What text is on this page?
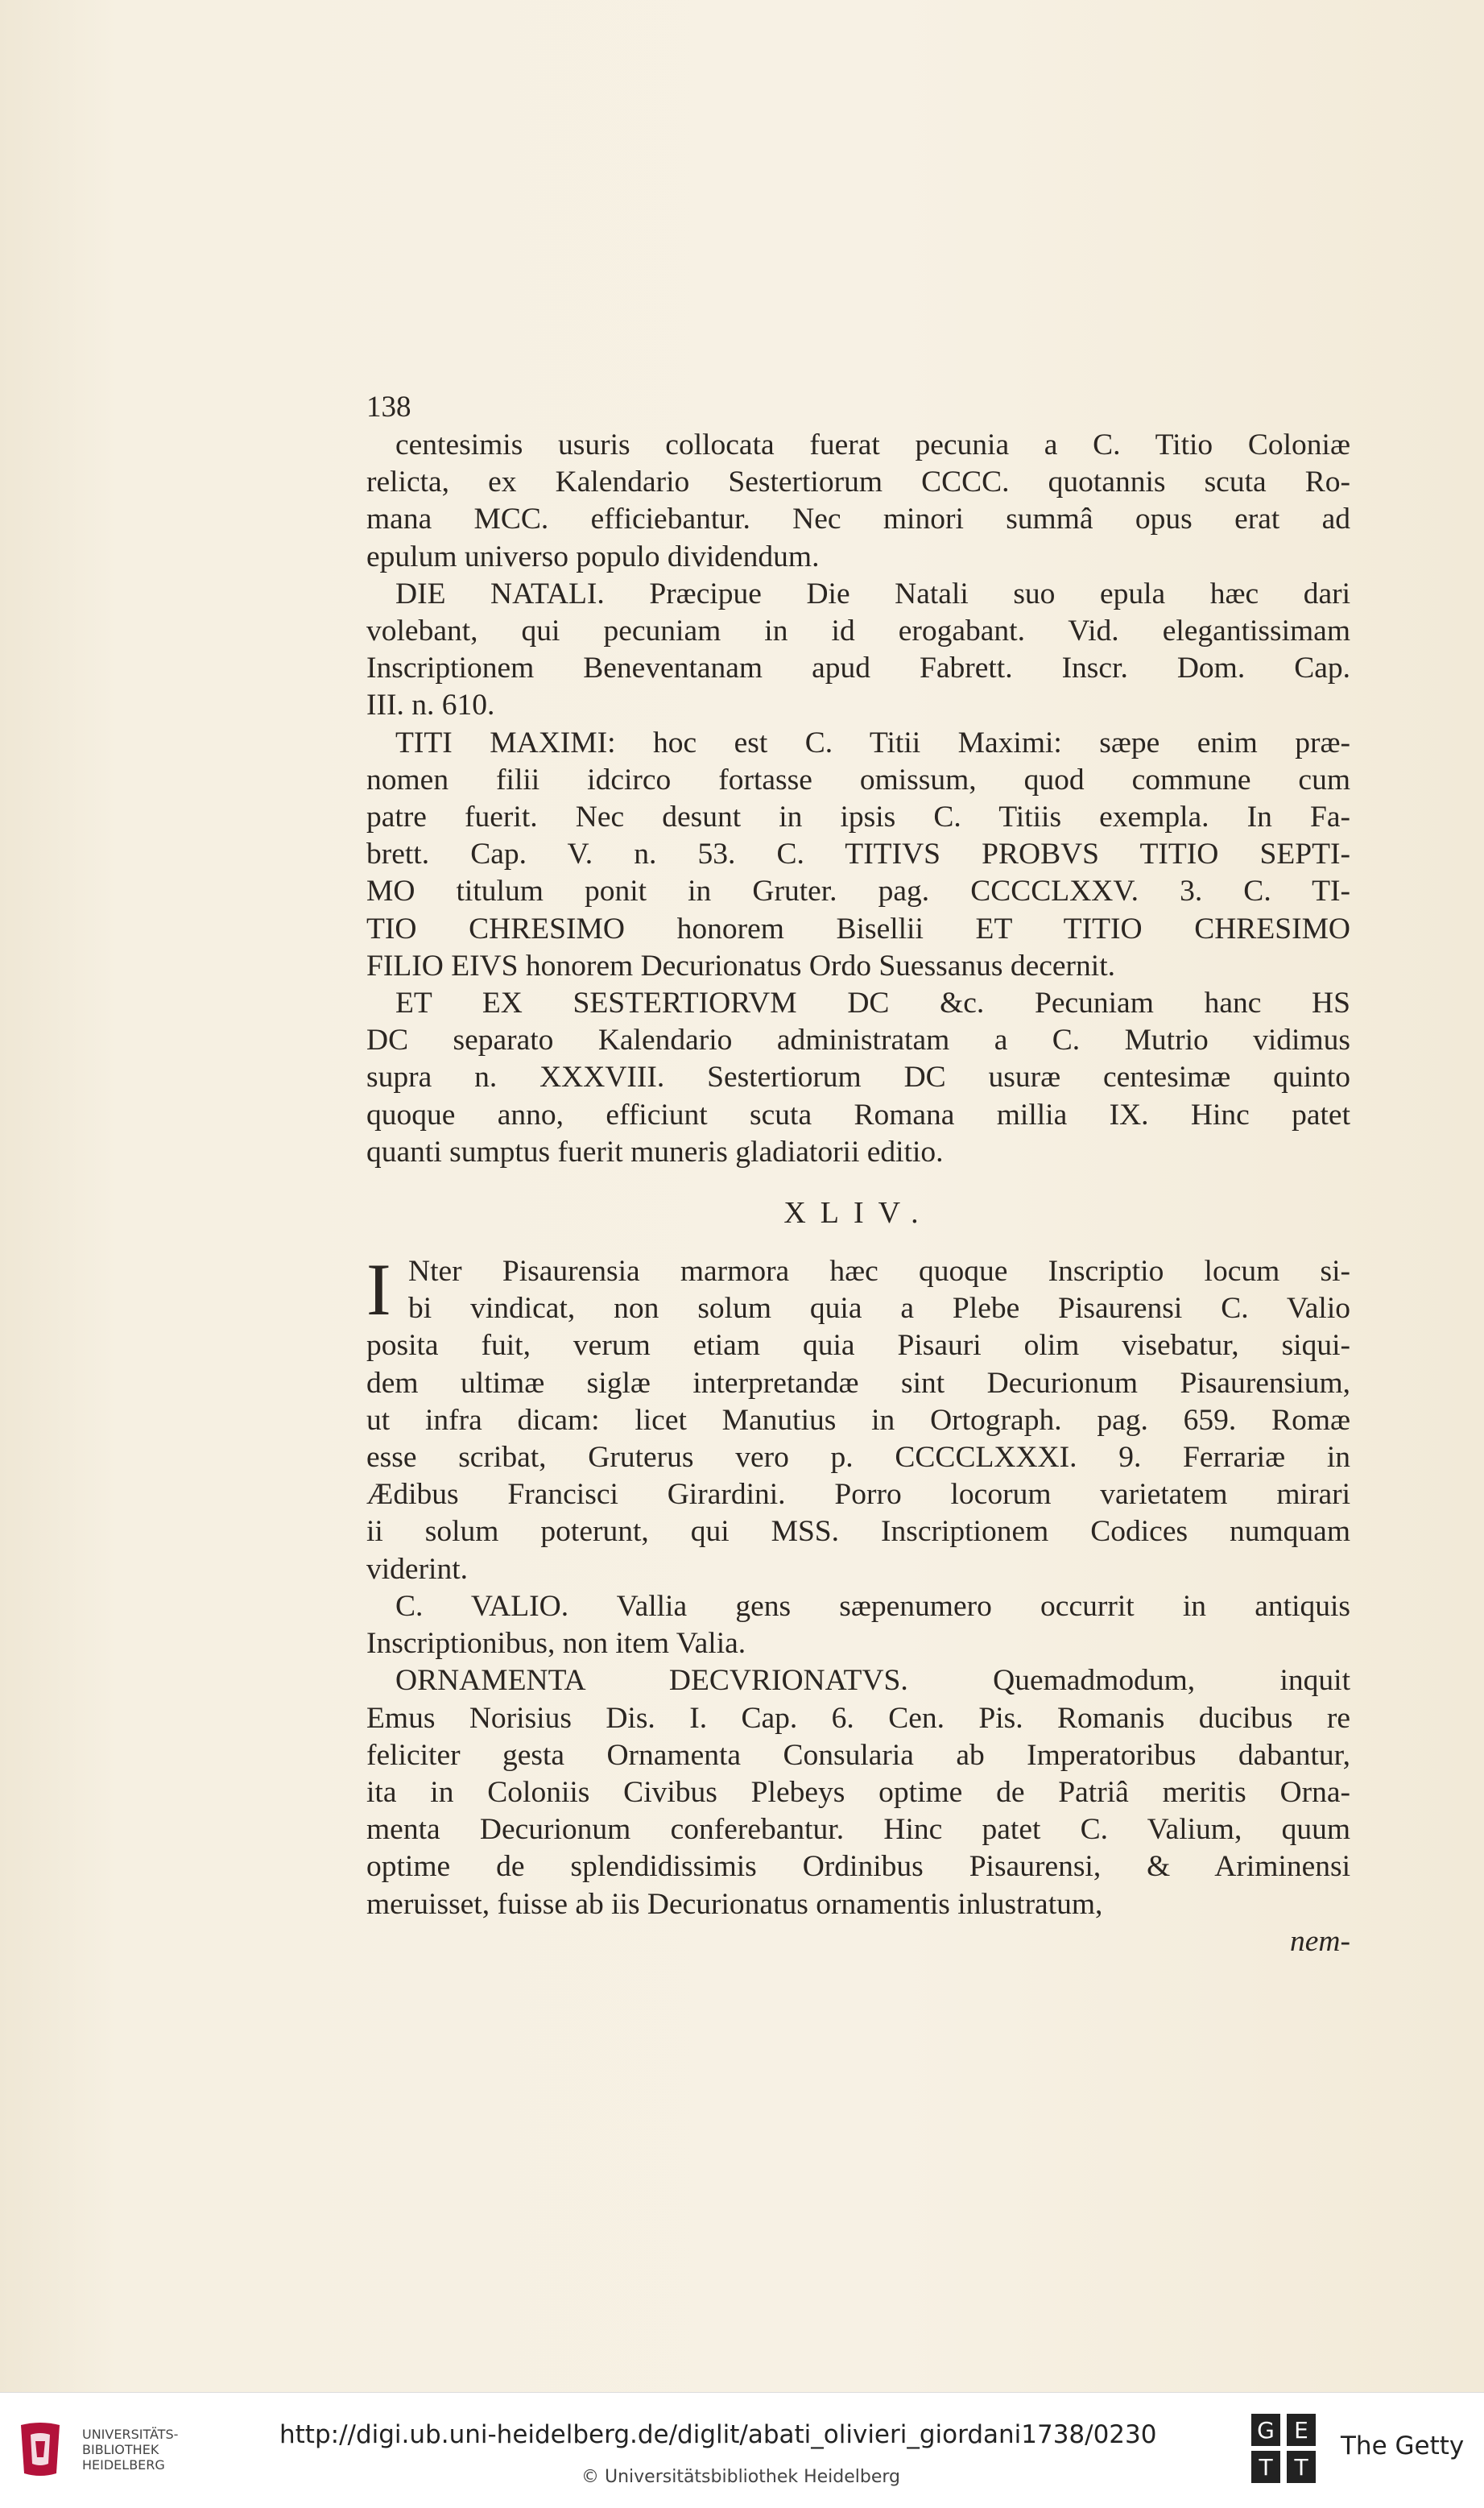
138
centesimis usuris collocata fuerat pecunia a C. Titio Coloniæ
relicta, ex Kalendario Sestertiorum CCCC. quotannis scuta Ro-
mana MCC. efficiebantur. Nec minori summâ opus erat ad
epulum universo populo dividendum.
DIE NATALI. Præcipue Die Natali suo epula hæc dari
volebant, qui pecuniam in id erogabant. Vid. elegantissimam
Inscriptionem Beneventanam apud Fabrett. Inscr. Dom. Cap.
III. n. 610.
TITI MAXIMI: hoc est C. Titii Maximi: sæpe enim præ-
nomen filii idcirco fortasse omissum, quod commune cum
patre fuerit. Nec desunt in ipsis C. Titiis exempla. In Fa-
brett. Cap. V. n. 53. C. TITIVS PROBVS TITIO SEPTI-
MO titulum ponit in Gruter. pag. CCCCLXXV. 3. C. TI-
TIO CHRESIMO honorem Bisellii ET TITIO CHRESIMO
FILIO EIVS honorem Decurionatus Ordo Suessanus decernit.
ET EX SESTERTIORVM DC &c. Pecuniam hanc HS
DC separato Kalendario administratam a C. Mutrio vidimus
supra n. XXXVIII. Sestertiorum DC usuræ centesimæ quinto
quoque anno, efficiunt scuta Romana millia IX. Hinc patet
quanti sumptus fuerit muneris gladiatorii editio.
XLIV.
I Nter Pisaurensia marmora hæc quoque Inscriptio locum si-
bi vindicat, non solum quia a Plebe Pisaurensi C. Valio
posita fuit, verum etiam quia Pisauri olim visebatur, siqui-
dem ultimæ siglæ interpretandæ sint Decurionum Pisaurensium,
ut infra dicam: licet Manutius in Ortograph. pag. 659. Romæ
esse scribat, Gruterus vero p. CCCCLXXXI. 9. Ferrariæ in
Ædibus Francisci Girardini. Porro locorum varietatem mirari
ii solum poterunt, qui MSS. Inscriptionem Codices numquam
viderint.
C. VALIO. Vallia gens sæpenumero occurrit in antiquis
Inscriptionibus, non item Valia.
ORNAMENTA DECVRIONATVS. Quemadmodum, inquit
Emus Norisius Dis. I. Cap. 6. Cen. Pis. Romanis ducibus re
feliciter gesta Ornamenta Consularia ab Imperatoribus dabantur,
ita in Coloniis Civibus Plebeys optime de Patriâ meritis Orna-
menta Decurionum conferebantur. Hinc patet C. Valium, quum
optime de splendidissimis Ordinibus Pisaurensi, & Ariminensi
meruisset, fuisse ab iis Decurionatus ornamentis inlustratum,
nem-
UNIVERSITÄTS-
BIBLIOTHEK
HEIDELBERG
http://digi.ub.uni-heidelberg.de/diglit/abati_olivieri_giordani1738/0230
© Universitätsbibliothek Heidelberg
G E
T T
The Getty
